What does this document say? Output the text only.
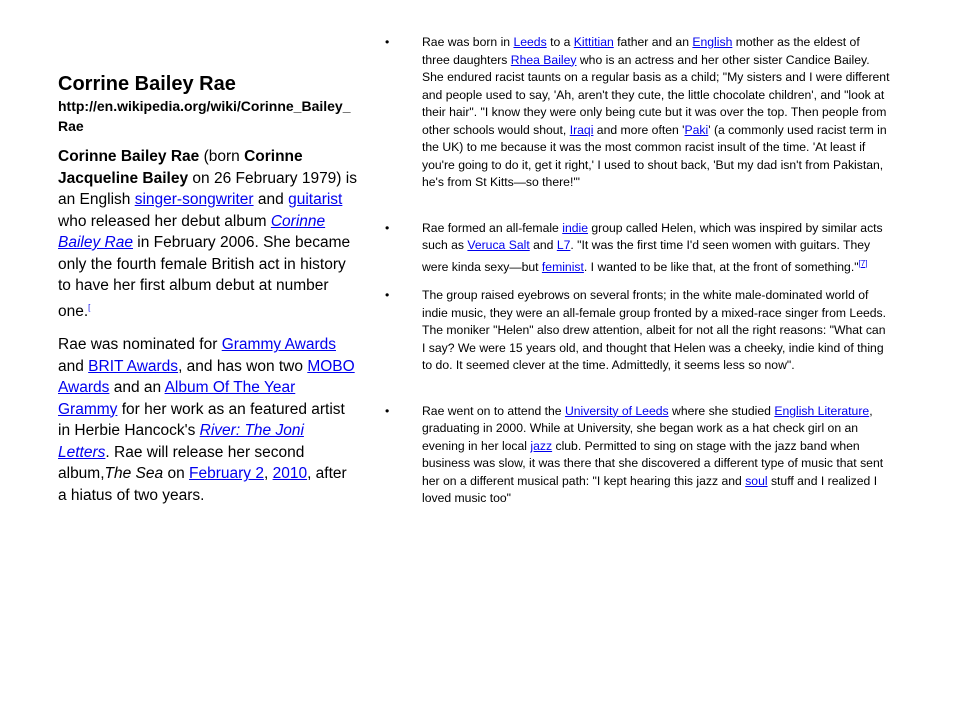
Corrine Bailey Rae
http://en.wikipedia.org/wiki/Corinne_Bailey_Rae
Corinne Bailey Rae (born Corinne Jacqueline Bailey on 26 February 1979) is an English singer-songwriter and guitarist who released her debut album Corinne Bailey Rae in February 2006. She became only the fourth female British act in history to have her first album debut at number one.[
Rae was nominated for Grammy Awards and BRIT Awards, and has won two MOBO Awards and an Album Of The Year Grammy for her work as an featured artist in Herbie Hancock's River: The Joni Letters. Rae will release her second album,The Sea on February 2, 2010, after a hiatus of two years.
•	Rae was born in Leeds to a Kittitian father and an English mother as the eldest of three daughters Rhea Bailey who is an actress and her other sister Candice Bailey. She endured racist taunts on a regular basis as a child; "My sisters and I were different and people used to say, 'Ah, aren't they cute, the little chocolate children', and "look at their hair". "I know they were only being cute but it was over the top. Then people from other schools would shout, Iraqi and more often 'Paki' (a commonly used racist term in the UK) to me because it was the most common racist insult of the time. 'At least if you're going to do it, get it right,' I used to shout back, 'But my dad isn't from Pakistan, he's from St Kitts—so there!'"
•	Rae formed an all-female indie group called Helen, which was inspired by similar acts such as Veruca Salt and L7. "It was the first time I'd seen women with guitars. They were kinda sexy—but feminist. I wanted to be like that, at the front of something."[7]
•	The group raised eyebrows on several fronts; in the white male-dominated world of indie music, they were an all-female group fronted by a mixed-race singer from Leeds. The moniker "Helen" also drew attention, albeit for not all the right reasons: "What can I say? We were 15 years old, and thought that Helen was a cheeky, indie kind of thing to do. It seemed clever at the time. Admittedly, it seems less so now".
•	Rae went on to attend the University of Leeds where she studied English Literature, graduating in 2000. While at University, she began work as a hat check girl on an evening in her local jazz club. Permitted to sing on stage with the jazz band when business was slow, it was there that she discovered a different type of music that sent her on a different musical path: "I kept hearing this jazz and soul stuff and I realized I loved music too"
